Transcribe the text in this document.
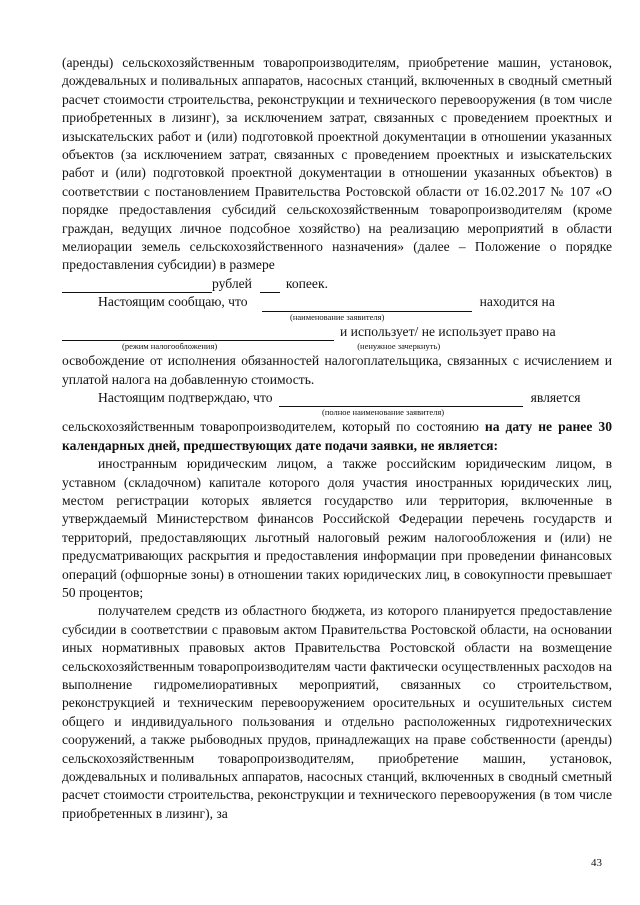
(аренды) сельскохозяйственным товаропроизводителям, приобретение машин, установок, дождевальных и поливальных аппаратов, насосных станций, включенных в сводный сметный расчет стоимости строительства, реконструкции и технического перевооружения (в том числе приобретенных в лизинг), за исключением затрат, связанных с проведением проектных и изыскательских работ и (или) подготовкой проектной документации в отношении указанных объектов (за исключением затрат, связанных с проведением проектных и изыскательских работ и (или) подготовкой проектной документации в отношении указанных объектов) в соответствии с постановлением Правительства Ростовской области от 16.02.2017 № 107 «О порядке предоставления субсидий сельскохозяйственным товаропроизводителям (кроме граждан, ведущих личное подсобное хозяйство) на реализацию мероприятий в области мелиорации земель сельскохозяйственного назначения» (далее – Положение о порядке предоставления субсидии) в размере

рублей	копеек.
Настоящим сообщаю, что	находится на
(наименование заявителя)
и использует/ не использует право на
(режим налогообложения)	(ненужное зачеркнуть)

освобождение от исполнения обязанностей налогоплательщика, связанных с исчислением и уплатой налога на добавленную стоимость.

Настоящим подтверждаю, что	является
(полное наименование заявителя)

сельскохозяйственным товаропроизводителем, который по состоянию на дату не ранее 30 календарных дней, предшествующих дате подачи заявки, не является:

иностранным юридическим лицом, а также российским юридическим лицом, в уставном (складочном) капитале которого доля участия иностранных юридических лиц, местом регистрации которых является государство или территория, включенные в утверждаемый Министерством финансов Российской Федерации перечень государств и территорий, предоставляющих льготный налоговый режим налогообложения и (или) не предусматривающих раскрытия и предоставления информации при проведении финансовых операций (офшорные зоны) в отношении таких юридических лиц, в совокупности превышает 50 процентов;

получателем средств из областного бюджета, из которого планируется предоставление субсидии в соответствии с правовым актом Правительства Ростовской области, на основании иных нормативных правовых актов Правительства Ростовской области на возмещение сельскохозяйственным товаропроизводителям части фактически осуществленных расходов на выполнение гидромелиоративных мероприятий, связанных со строительством, реконструкцией и техническим перевооружением оросительных и осушительных систем общего и индивидуального пользования и отдельно расположенных гидротехнических сооружений, а также рыбоводных прудов, принадлежащих на праве собственности (аренды) сельскохозяйственным товаропроизводителям, приобретение машин, установок, дождевальных и поливальных аппаратов, насосных станций, включенных в сводный сметный расчет стоимости строительства, реконструкции и технического перевооружения (в том числе приобретенных в лизинг), за

43
